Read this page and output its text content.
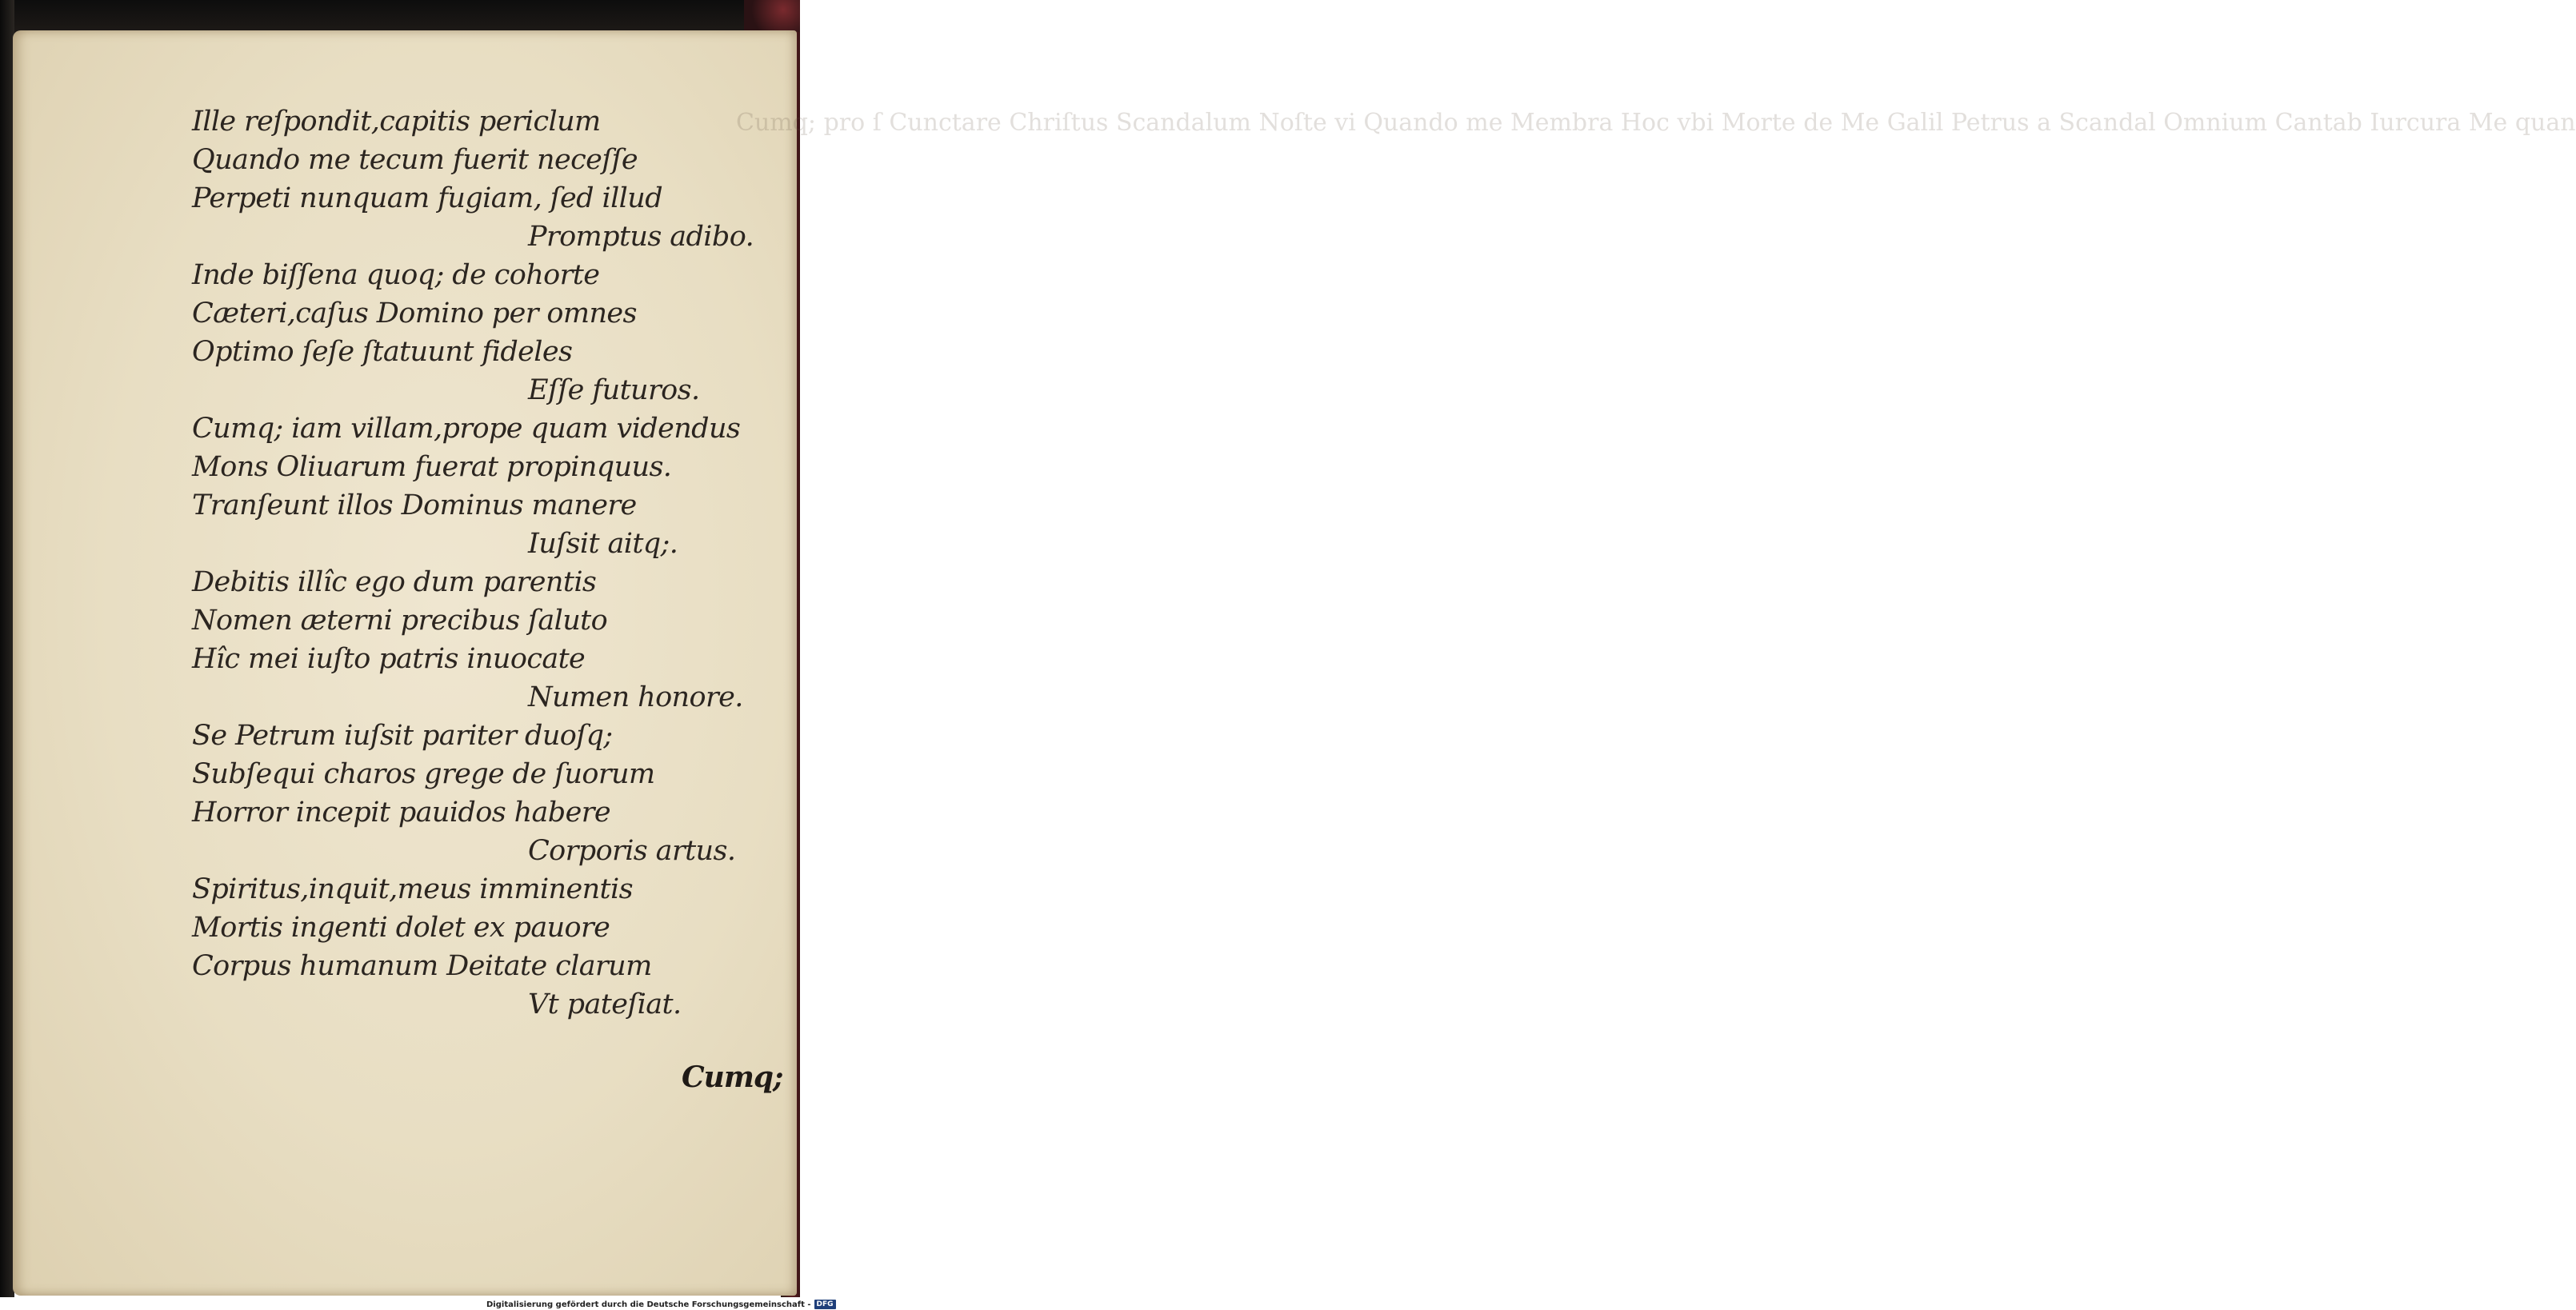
Cumq; pro ſ Cunctare Chriſtus Scandalum Noſte vi Quando me Membra Hoc vbi Morte de Me Galil Petrus a Scandal Omnium Cantab Iurcura Me quan
Ille reſpondit,capitis periclum
Quando me tecum fuerit neceſſe
Perpeti nunquam fugiam, ſed illud
Promptus adibo.
Inde biſſena quoq; de cohorte
Cæteri,caſus Domino per omnes
Optimo ſeſe ſtatuunt fideles
Eſſe futuros.
Cumq; iam villam,prope quam videndus
Mons Oliuarum fuerat propinquus.
Tranſeunt illos Dominus manere
Iuſsit aitq;.
Debitis illîc ego dum parentis
Nomen æterni precibus ſaluto
Hîc mei iuſto patris inuocate
Numen honore.
Se Petrum iuſsit pariter duoſq;
Subſequi charos grege de ſuorum
Horror incepit pauidos habere
Corporis artus.
Spiritus,inquit,meus imminentis
Mortis ingenti dolet ex pauore
Corpus humanum Deitate clarum
Vt pateſiat.
Cumq;
Digitalisierung gefördert durch die Deutsche Forschungsgemeinschaft - DFG
